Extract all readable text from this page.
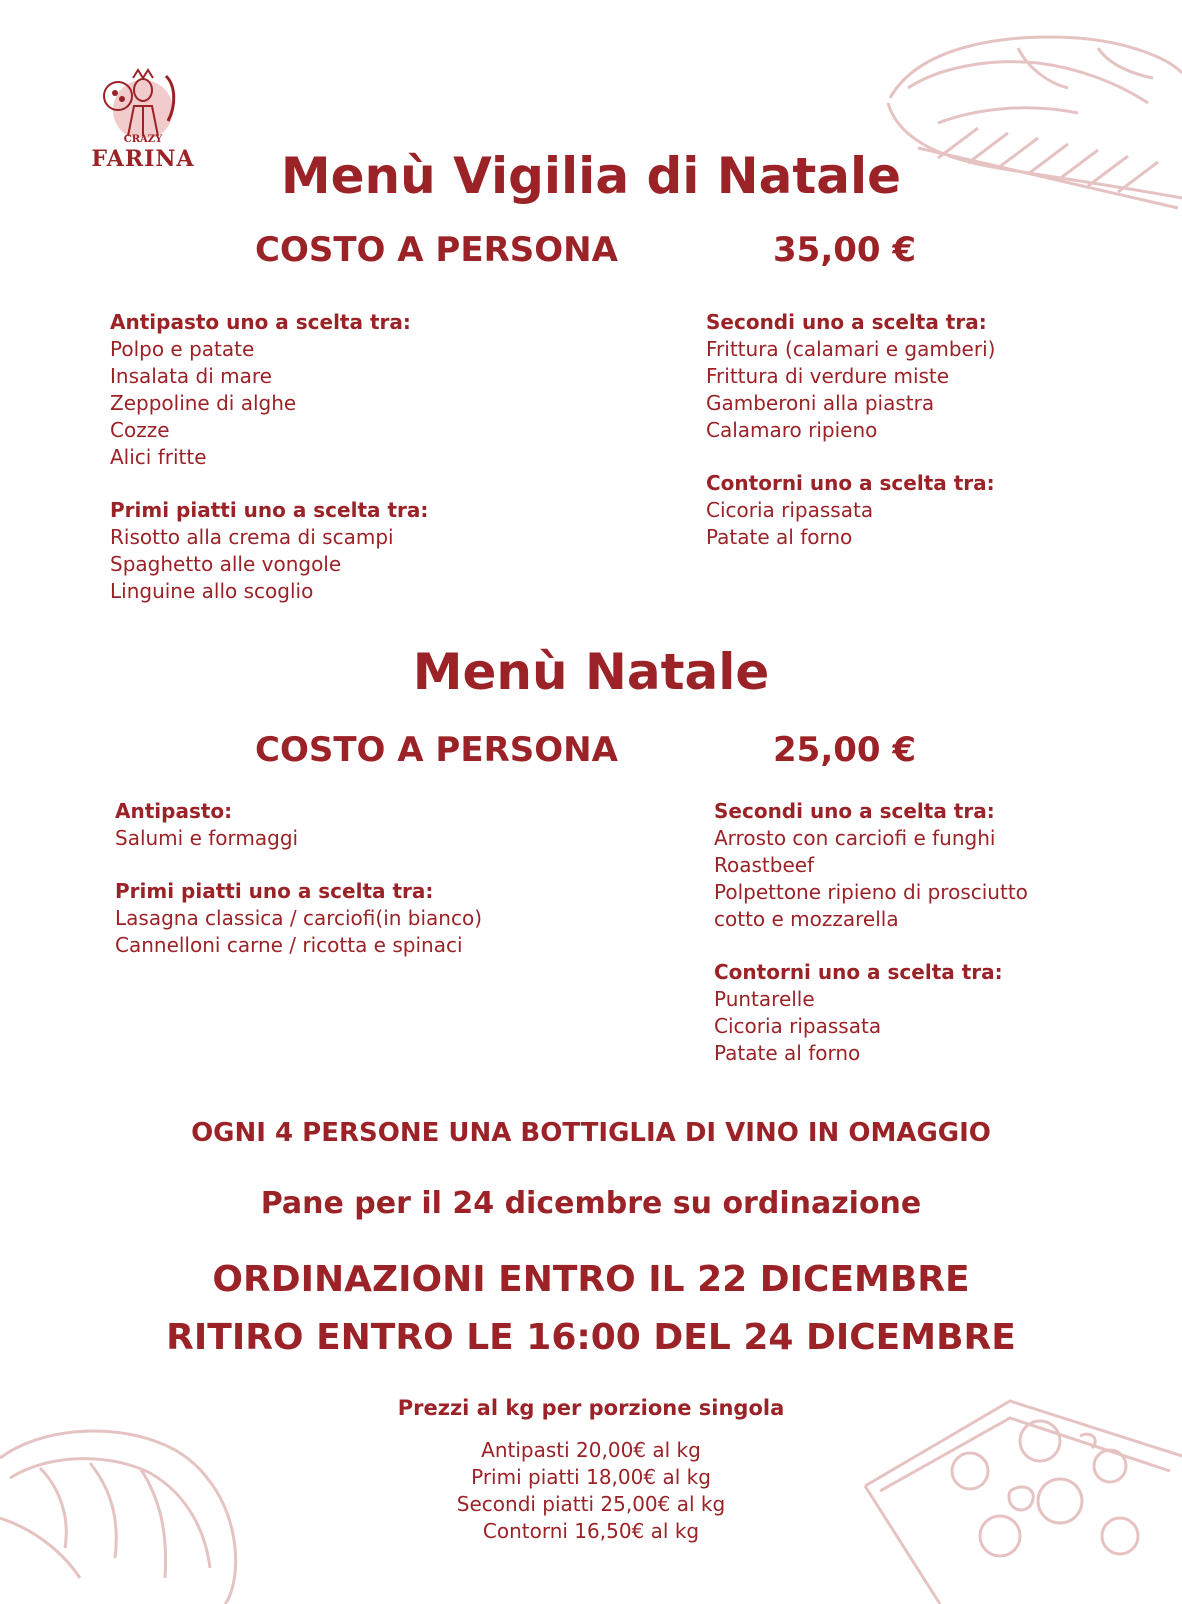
CRAZY
FARINA	Menù Vigilia di Natale
COSTO A PERSONA	35,00 €
Antipasto uno a scelta tra:
Polpo e patate
Insalata di mare
Zeppoline di alghe
Cozze
Alici fritte
Primi piatti uno a scelta tra:
Risotto alla crema di scampi
Spaghetto alle vongole
Linguine allo scoglio
Secondi uno a scelta tra:
Frittura (calamari e gamberi)
Frittura di verdure miste
Gamberoni alla piastra
Calamaro ripieno
Contorni uno a scelta tra:
Cicoria ripassata
Patate al forno
Menù Natale
COSTO A PERSONA	25,00 €
Antipasto:
Salumi e formaggi
Primi piatti uno a scelta tra:
Lasagna classica / carciofi(in bianco)
Cannelloni carne / ricotta e spinaci
Secondi uno a scelta tra:
Arrosto con carciofi e funghi
Roastbeef
Polpettone ripieno di prosciutto
cotto e mozzarella
Contorni uno a scelta tra:
Puntarelle
Cicoria ripassata
Patate al forno
OGNI 4 PERSONE UNA BOTTIGLIA DI VINO IN OMAGGIO
Pane per il 24 dicembre su ordinazione
ORDINAZIONI ENTRO IL 22 DICEMBRE
RITIRO ENTRO LE 16:00 DEL 24 DICEMBRE
Prezzi al kg per porzione singola
Antipasti 20,00€ al kg
Primi piatti 18,00€ al kg
Secondi piatti 25,00€ al kg
Contorni 16,50€ al kg
